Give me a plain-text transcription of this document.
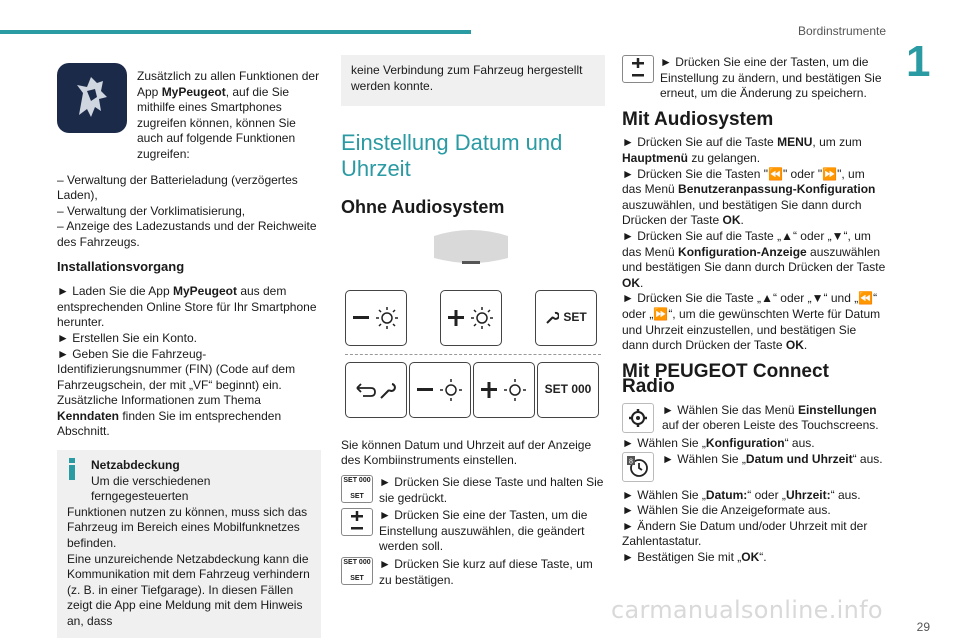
Bordinstrumente
1
Zusätzlich zu allen Funktionen der App MyPeugeot, auf die Sie mithilfe eines Smartphones zugreifen können, können Sie auch auf folgende Funktionen zugreifen:

– Verwaltung der Batterieladung (verzögertes Laden),

– Verwaltung der Vorklimatisierung,

– Anzeige des Ladezustands und der Reichweite des Fahrzeugs.

Installationsvorgang

► Laden Sie die App MyPeugeot aus dem entsprechenden Online Store für Ihr Smartphone herunter.

► Erstellen Sie ein Konto.

► Geben Sie die Fahrzeug-Identifizierungsnummer (FIN) (Code auf dem Fahrzeugschein, der mit „VF“ beginnt) ein.

Zusätzliche Informationen zum Thema Kenndaten finden Sie im entsprechenden Abschnitt.

Netzabdeckung
Um die verschiedenen ferngegesteuerten
Funktionen nutzen zu können, muss sich das Fahrzeug im Bereich eines Mobilfunknetzes befinden.
Eine unzureichende Netzabdeckung kann die Kommunikation mit dem Fahrzeug verhindern (z. B. in einer Tiefgarage). In diesen Fällen zeigt die App eine Meldung mit dem Hinweis an, dass
keine Verbindung zum Fahrzeug hergestellt werden konnte.
Einstellung Datum und Uhrzeit
Ohne Audiosystem
SET
SET 000

Sie können Datum und Uhrzeit auf der Anzeige des Kombiinstruments einstellen.

SET 000
SET
► Drücken Sie diese Taste und halten Sie sie gedrückt.
► Drücken Sie eine der Tasten, um die Einstellung auszuwählen, die geändert werden soll.
SET 000
SET
► Drücken Sie kurz auf diese Taste, um zu bestätigen.
► Drücken Sie eine der Tasten, um die Einstellung zu ändern, und bestätigen Sie erneut, um die Änderung zu speichern.
Mit Audiosystem

► Drücken Sie auf die Taste MENU, um zum Hauptmenü zu gelangen.

► Drücken Sie die Tasten "⏪" oder "⏩", um das Menü Benutzeranpassung-Konfiguration auszuwählen, und bestätigen Sie dann durch Drücken der Taste OK.

► Drücken Sie auf die Taste „▲“ oder „▼“, um das Menü Konfiguration-Anzeige auszuwählen und bestätigen Sie dann durch Drücken der Taste OK.

► Drücken Sie die Taste „▲“ oder „▼“ und „⏪“ oder „⏩“, um die gewünschten Werte für Datum und Uhrzeit einzustellen, und bestätigen Sie dann durch Drücken der Taste OK.

Mit PEUGEOT Connect Radio
► Wählen Sie das Menü Einstellungen auf der oberen Leiste des Touchscreens.

► Wählen Sie „Konfiguration“ aus.

8 ► Wählen Sie „Datum und Uhrzeit“ aus.

► Wählen Sie „Datum:“ oder „Uhrzeit:“ aus.

► Wählen Sie die Anzeigeformate aus.

► Ändern Sie Datum und/oder Uhrzeit mit der Zahlentastatur.

► Bestätigen Sie mit „OK“.

carmanualsonline.info
29
